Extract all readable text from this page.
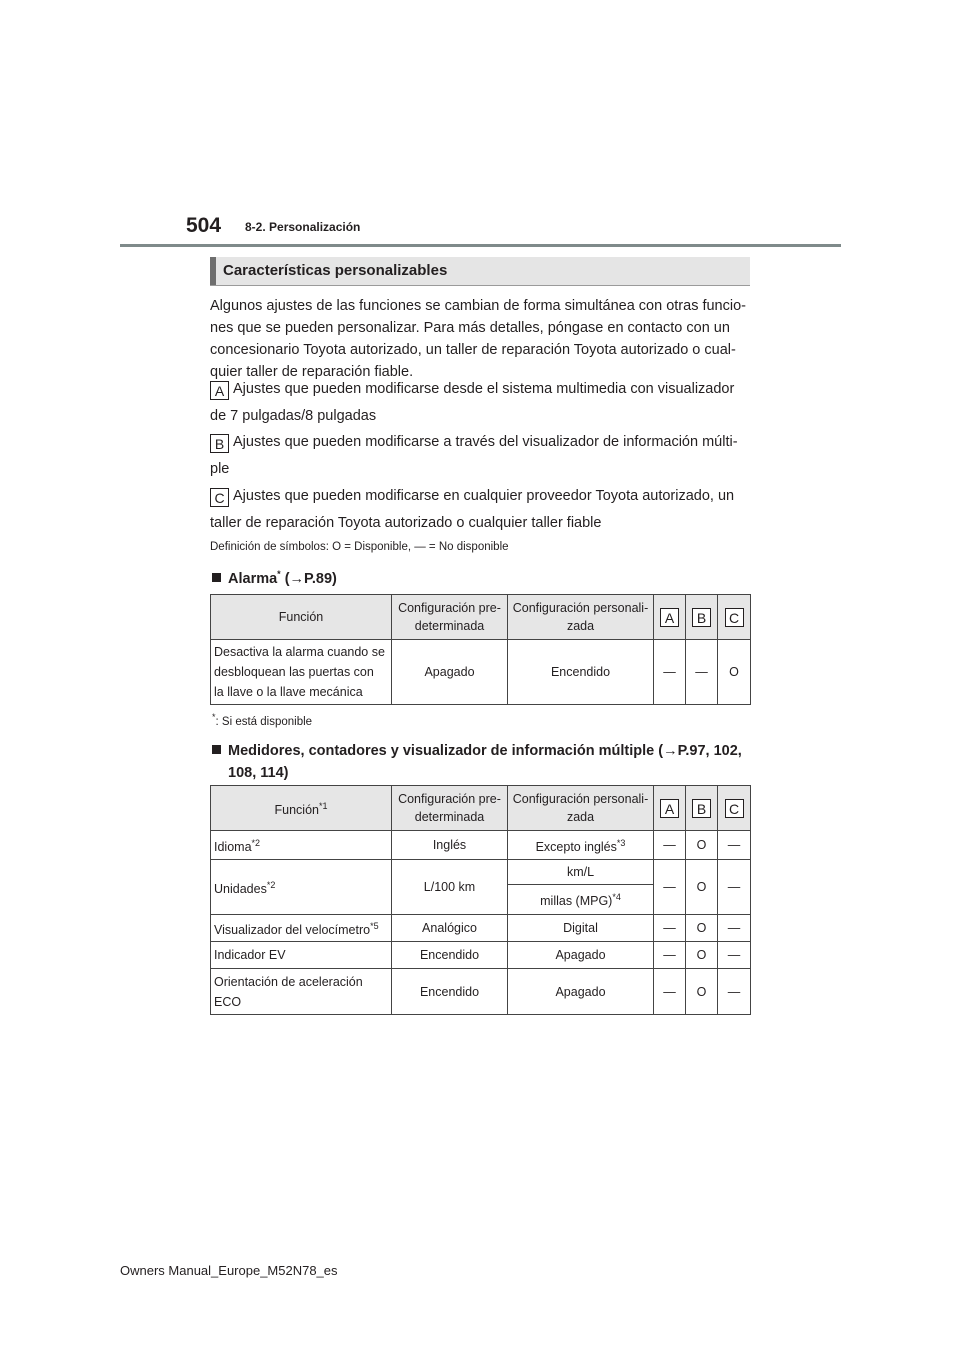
504 8-2. Personalización
Características personalizables
Algunos ajustes de las funciones se cambian de forma simultánea con otras funcio-
nes que se pueden personalizar. Para más detalles, póngase en contacto con un
concesionario Toyota autorizado, un taller de reparación Toyota autorizado o cual-
quier taller de reparación fiable.
A Ajustes que pueden modificarse desde el sistema multimedia con visualizador
de 7 pulgadas/8 pulgadas
B Ajustes que pueden modificarse a través del visualizador de información múlti-
ple
C Ajustes que pueden modificarse en cualquier proveedor Toyota autorizado, un
taller de reparación Toyota autorizado o cualquier taller fiable
Definición de símbolos: O = Disponible, — = No disponible
Alarma* (→P.89)
Función	Configuración pre-
determinada	Configuración personali-
zada	A	B	C
Desactiva la alarma cuando se
desbloquean las puertas con
la llave o la llave mecánica	Apagado	Encendido	—	—	O
*: Si está disponible
Medidores, contadores y visualizador de información múltiple (→P.97, 102,
108, 114)
Función$^{*1}$	Configuración pre-
determinada	Configuración personali-
zada	A	B	C
Idioma$^{*2}$	Inglés	Excepto inglés$^{*3}$	—	O	—
Unidades$^{*2}$	L/100 km	km/L	—	O	—
		millas (MPG)$^{*4}$
Visualizador del velocímetro$^{*5}$	Analógico	Digital	—	O	—
Indicador EV	Encendido	Apagado	—	O	—
Orientación de aceleración
ECO	Encendido	Apagado	—	O	—
Owners Manual_Europe_M52N78_es
